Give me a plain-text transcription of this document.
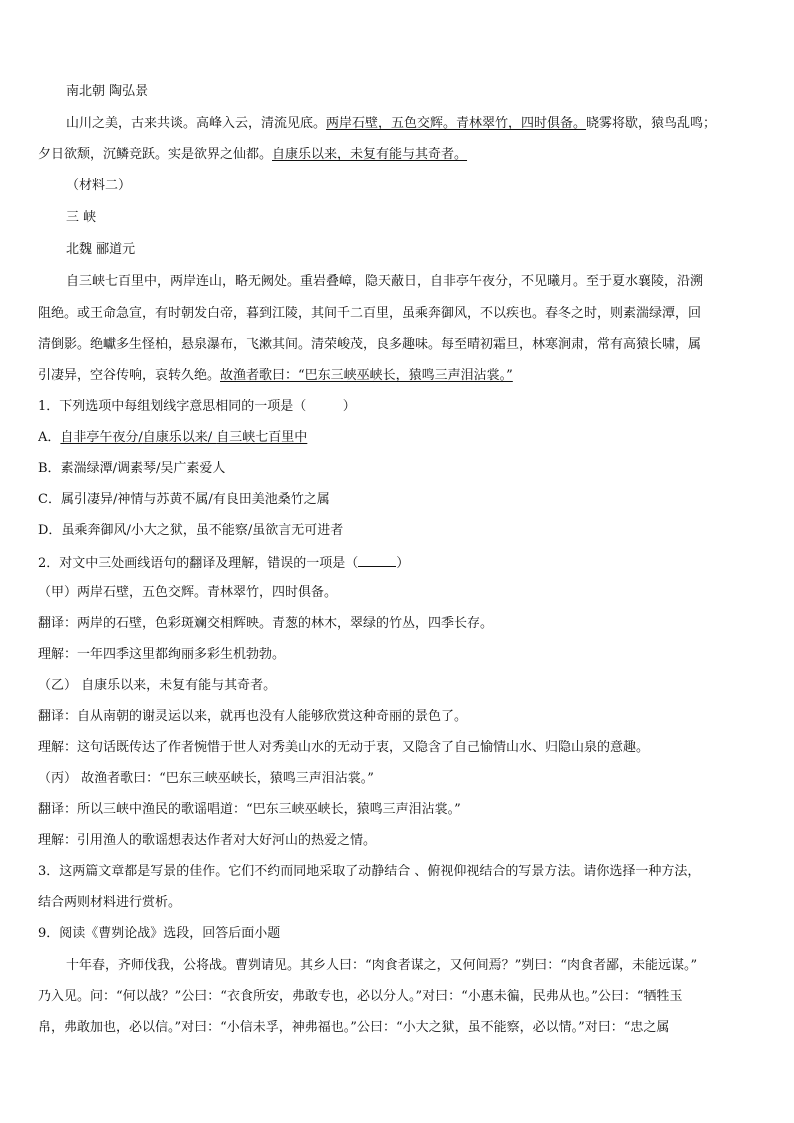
南北朝 陶弘景
山川之美，古来共谈。高峰入云，清流见底。两岸石壁，五色交辉。青林翠竹，四时俱备。晓雾将歇，猿鸟乱鸣；
夕日欲颓，沉鳞竞跃。实是欲界之仙都。自康乐以来，未复有能与其奇者。
（材料二）
三 峡
北魏 郦道元
自三峡七百里中，两岸连山，略无阙处。重岩叠嶂，隐天蔽日，自非亭午夜分，不见曦月。至于夏水襄陵，沿溯
阻绝。或王命急宣，有时朝发白帝，暮到江陵，其间千二百里，虽乘奔御风，不以疾也。春冬之时，则素湍绿潭，回
清倒影。绝巘多生怪柏，悬泉瀑布，飞漱其间。清荣峻茂，良多趣味。每至晴初霜旦，林寒涧肃，常有高猿长啸，属
引凄异，空谷传响，哀转久绝。故渔者歌曰：“巴东三峡巫峡长，猿鸣三声泪沾裳。”
1．下列选项中每组划线字意思相同的一项是（	）
A．自非亭午夜分/自康乐以来/ 自三峡七百里中
B．素湍绿潭/调素琴/吴广素爱人
C．属引凄异/神情与苏黄不属/有良田美池桑竹之属
D．虽乘奔御风/小大之狱，虽不能察/虽欲言无可进者
2．对文中三处画线语句的翻译及理解，错误的一项是（	）
（甲）两岸石壁，五色交辉。青林翠竹，四时俱备。
翻译：两岸的石壁，色彩斑斓交相辉映。青葱的林木，翠绿的竹丛，四季长存。
理解：一年四季这里都绚丽多彩生机勃勃。
（乙） 自康乐以来，未复有能与其奇者。
翻译：自从南朝的谢灵运以来，就再也没有人能够欣赏这种奇丽的景色了。
理解：这句话既传达了作者惋惜于世人对秀美山水的无动于衷，又隐含了自己愉情山水、归隐山泉的意趣。
（丙） 故渔者歌曰：“巴东三峡巫峡长，猿鸣三声泪沾裳。”
翻译：所以三峡中渔民的歌谣唱道：“巴东三峡巫峡长，猿鸣三声泪沾裳。”
理解：引用渔人的歌谣想表达作者对大好河山的热爱之情。
3．这两篇文章都是写景的佳作。它们不约而同地采取了动静结合 、俯视仰视结合的写景方法。请你选择一种方法，
结合两则材料进行赏析。
9．阅读《曹刿论战》选段，回答后面小题
十年春，齐师伐我，公将战。曹刿请见。其乡人曰：“肉食者谋之，又何间焉？”刿曰：“肉食者鄙，未能远谋。”
乃入见。问：“何以战？”公曰：“衣食所安，弗敢专也，必以分人。”对曰：“小惠未徧，民弗从也。”公曰：“牺牲玉
帛，弗敢加也，必以信。”对曰：“小信未孚，神弗福也。”公曰：“小大之狱，虽不能察，必以情。”对曰：“忠之属
